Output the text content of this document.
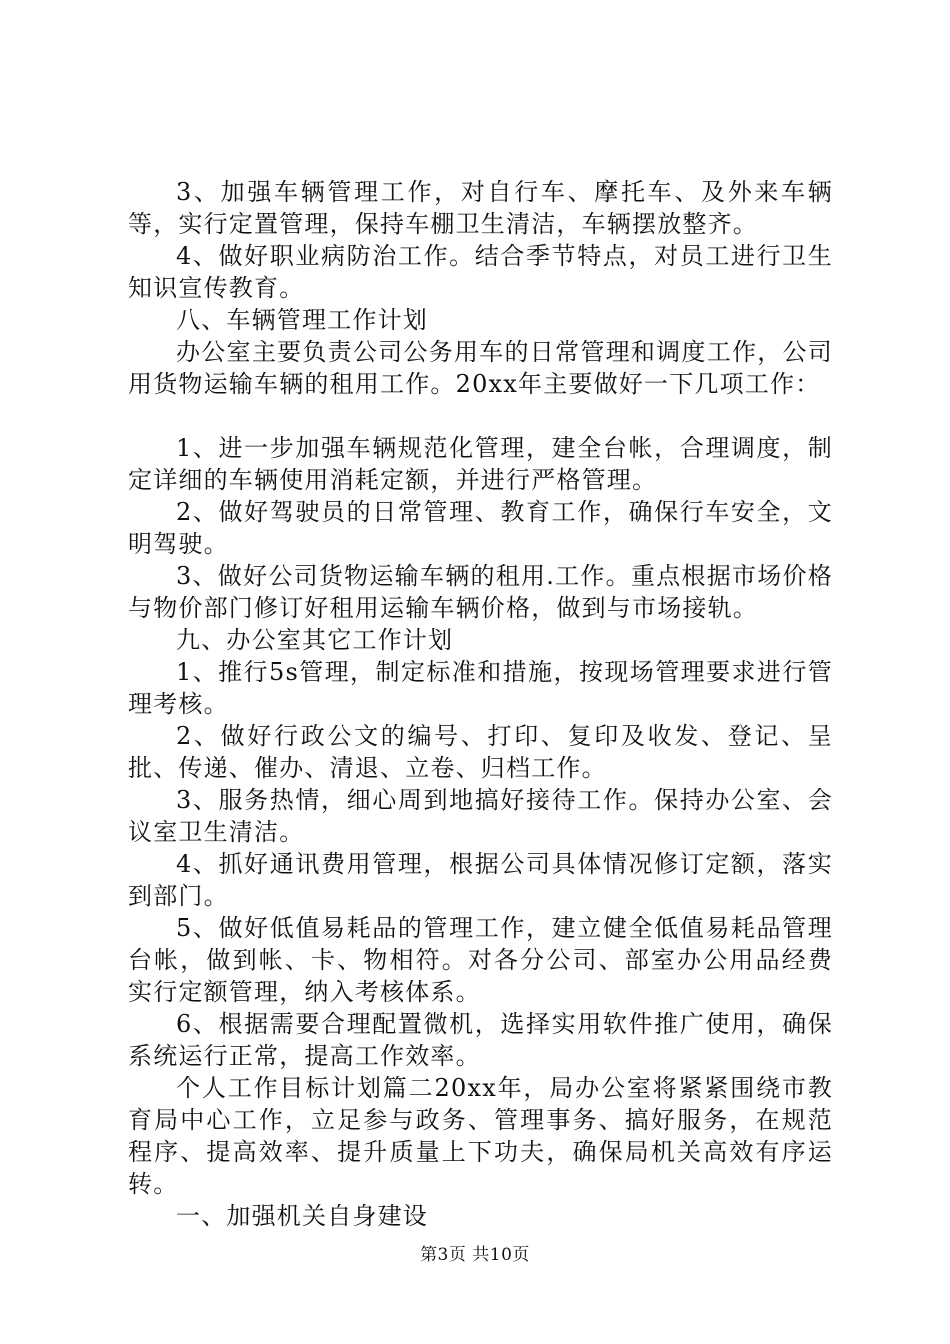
3、加强车辆管理工作，对自行车、摩托车、及外来车辆等，实行定置管理，保持车棚卫生清洁，车辆摆放整齐。

4、做好职业病防治工作。结合季节特点，对员工进行卫生知识宣传教育。

八、车辆管理工作计划

办公室主要负责公司公务用车的日常管理和调度工作，公司用货物运输车辆的租用工作。20xx年主要做好一下几项工作：

1、进一步加强车辆规范化管理，建全台帐，合理调度，制定详细的车辆使用消耗定额，并进行严格管理。

2、做好驾驶员的日常管理、教育工作，确保行车安全，文明驾驶。

3、做好公司货物运输车辆的租用.工作。重点根据市场价格与物价部门修订好租用运输车辆价格，做到与市场接轨。

九、办公室其它工作计划

1、推行5s管理，制定标准和措施，按现场管理要求进行管理考核。

2、做好行政公文的编号、打印、复印及收发、登记、呈批、传递、催办、清退、立卷、归档工作。

3、服务热情，细心周到地搞好接待工作。保持办公室、会议室卫生清洁。

4、抓好通讯费用管理，根据公司具体情况修订定额，落实到部门。

5、做好低值易耗品的管理工作，建立健全低值易耗品管理台帐，做到帐、卡、物相符。对各分公司、部室办公用品经费实行定额管理，纳入考核体系。

6、根据需要合理配置微机，选择实用软件推广使用，确保系统运行正常，提高工作效率。

个人工作目标计划篇二20xx年，局办公室将紧紧围绕市教育局中心工作，立足参与政务、管理事务、搞好服务，在规范程序、提高效率、提升质量上下功夫，确保局机关高效有序运转。

一、加强机关自身建设

第3页 共10页
